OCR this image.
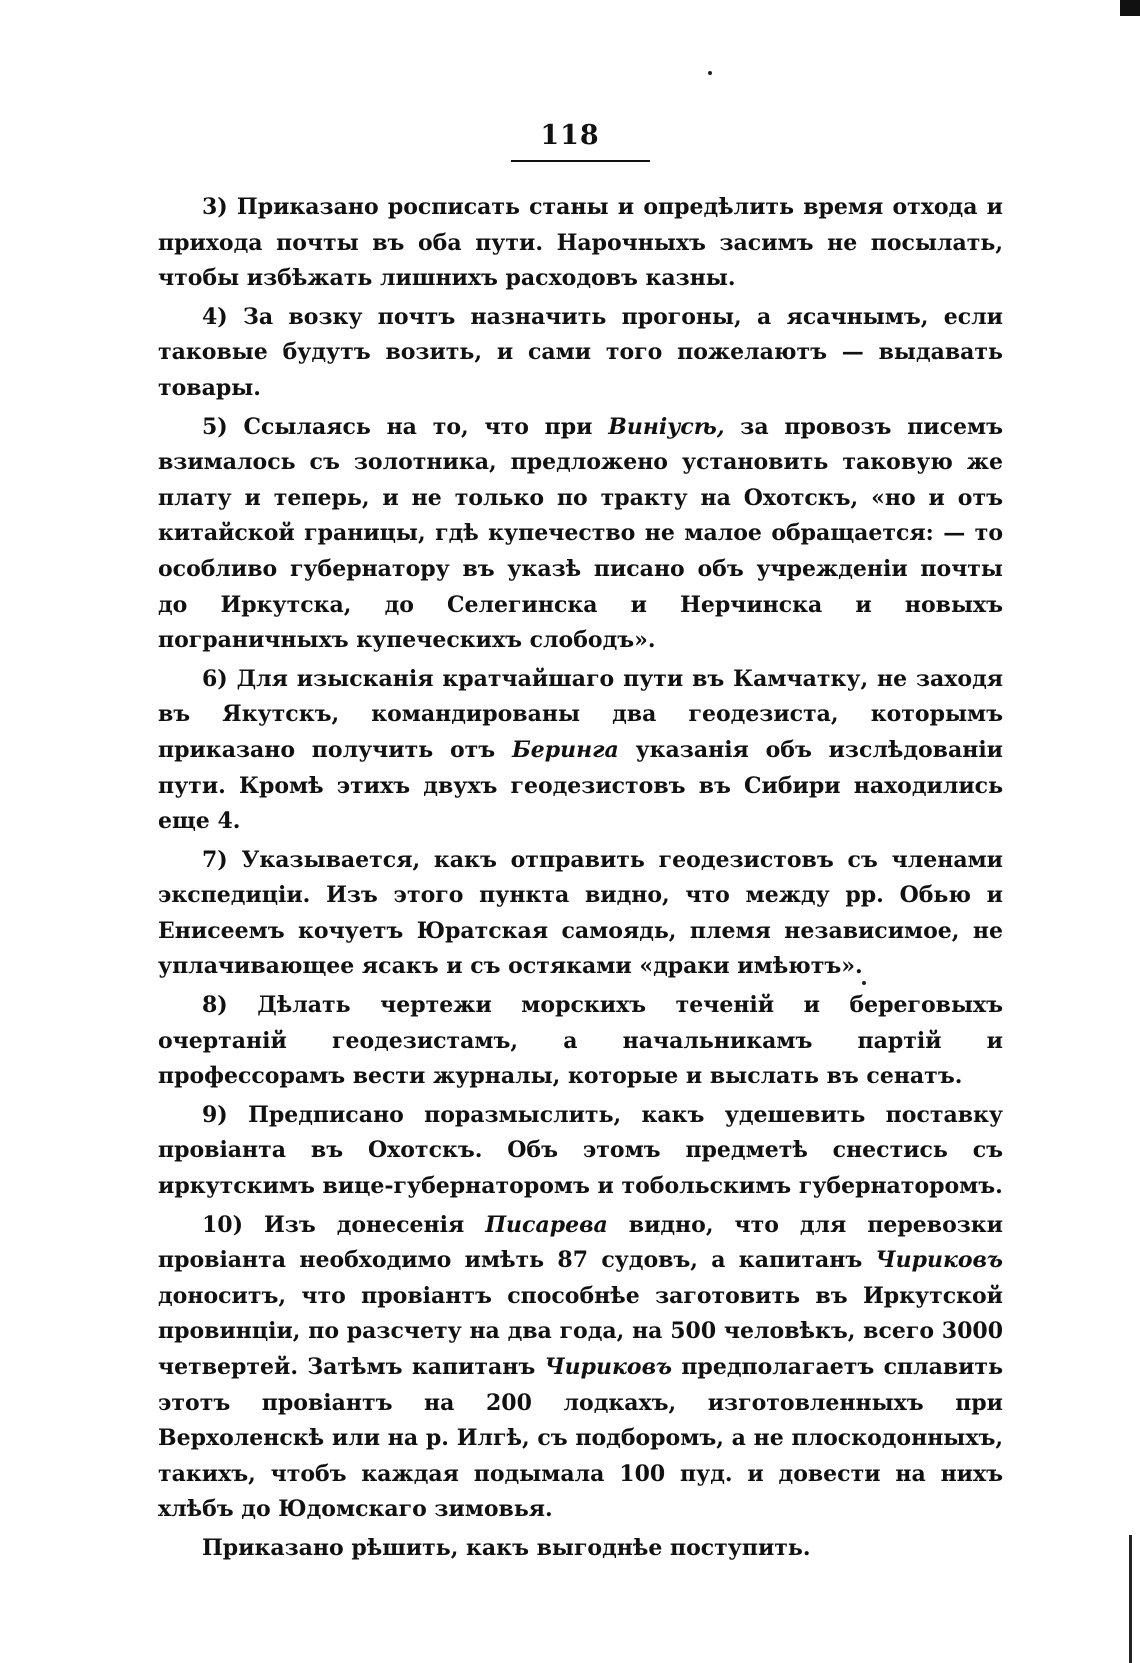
118

3) Приказано росписать станы и опредѣлить время отхода и прихода почты въ оба пути. Нарочныхъ засимъ не посылать, чтобы избѣжать лишнихъ расходовъ казны.

4) За возку почтъ назначить прогоны, а ясачнымъ, если таковые будутъ возить, и сами того пожелаютъ — выдавать товары.

5) Ссылаясь на то, что при Виніусѣ, за провозъ писемъ взималось съ золотника, предложено установить таковую же плату и теперь, и не только по тракту на Охотскъ, «но и отъ китайской границы, гдѣ купечество не малое обращается: — то особливо губернатору въ указѣ писано объ учрежденіи почты до Иркутска, до Селегинска и Нерчинска и новыхъ пограничныхъ купеческихъ слободъ».

6) Для изысканія кратчайшаго пути въ Камчатку, не заходя въ Якутскъ, командированы два геодезиста, которымъ приказано получить отъ Беринга указанія объ изслѣдованіи пути. Кромѣ этихъ двухъ геодезистовъ въ Сибири находились еще 4.

7) Указывается, какъ отправить геодезистовъ съ членами экспедиціи. Изъ этого пункта видно, что между рр. Обью и Енисеемъ кочуетъ Юратская самоядь, племя независимое, не уплачивающее ясакъ и съ остяками «драки имѣютъ».

8) Дѣлать чертежи морскихъ теченій и береговыхъ очертаній геодезистамъ, а начальникамъ партій и профессорамъ вести журналы, которые и выслать въ сенатъ.

9) Предписано поразмыслить, какъ удешевить поставку провіанта въ Охотскъ. Объ этомъ предметѣ снестись съ иркутскимъ вице-губернаторомъ и тобольскимъ губернаторомъ.

10) Изъ донесенія Писарева видно, что для перевозки провіанта необходимо имѣть 87 судовъ, а капитанъ Чириковъ доноситъ, что провіантъ способнѣе заготовить въ Иркутской провинціи, по разсчету на два года, на 500 человѣкъ, всего 3000 четвертей. Затѣмъ капитанъ Чириковъ предполагаетъ сплавить этотъ провіантъ на 200 лодкахъ, изготовленныхъ при Верхоленскѣ или на р. Илгѣ, съ подборомъ, а не плоскодонныхъ, такихъ, чтобъ каждая подымала 100 пуд. и довести на нихъ хлѣбъ до Юдомскаго зимовья.

Приказано рѣшить, какъ выгоднѣе поступить.
